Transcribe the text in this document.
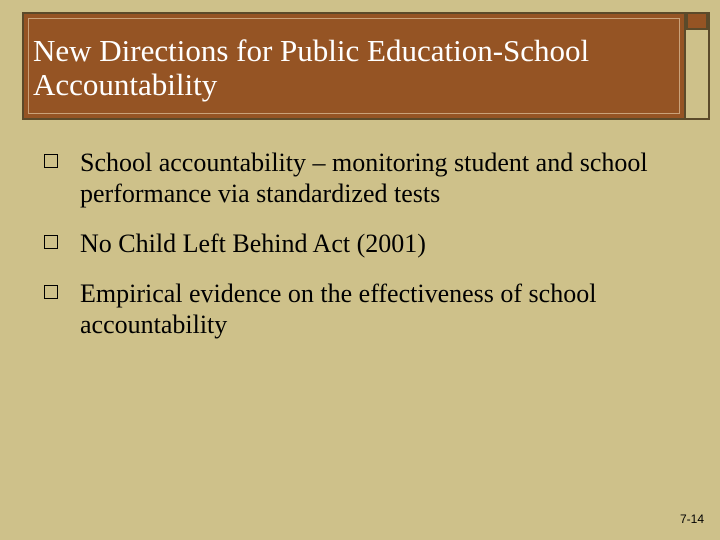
New Directions for Public Education-School Accountability
School accountability – monitoring student and school performance via standardized tests
No Child Left Behind Act (2001)
Empirical evidence on the effectiveness of school accountability
7-14
